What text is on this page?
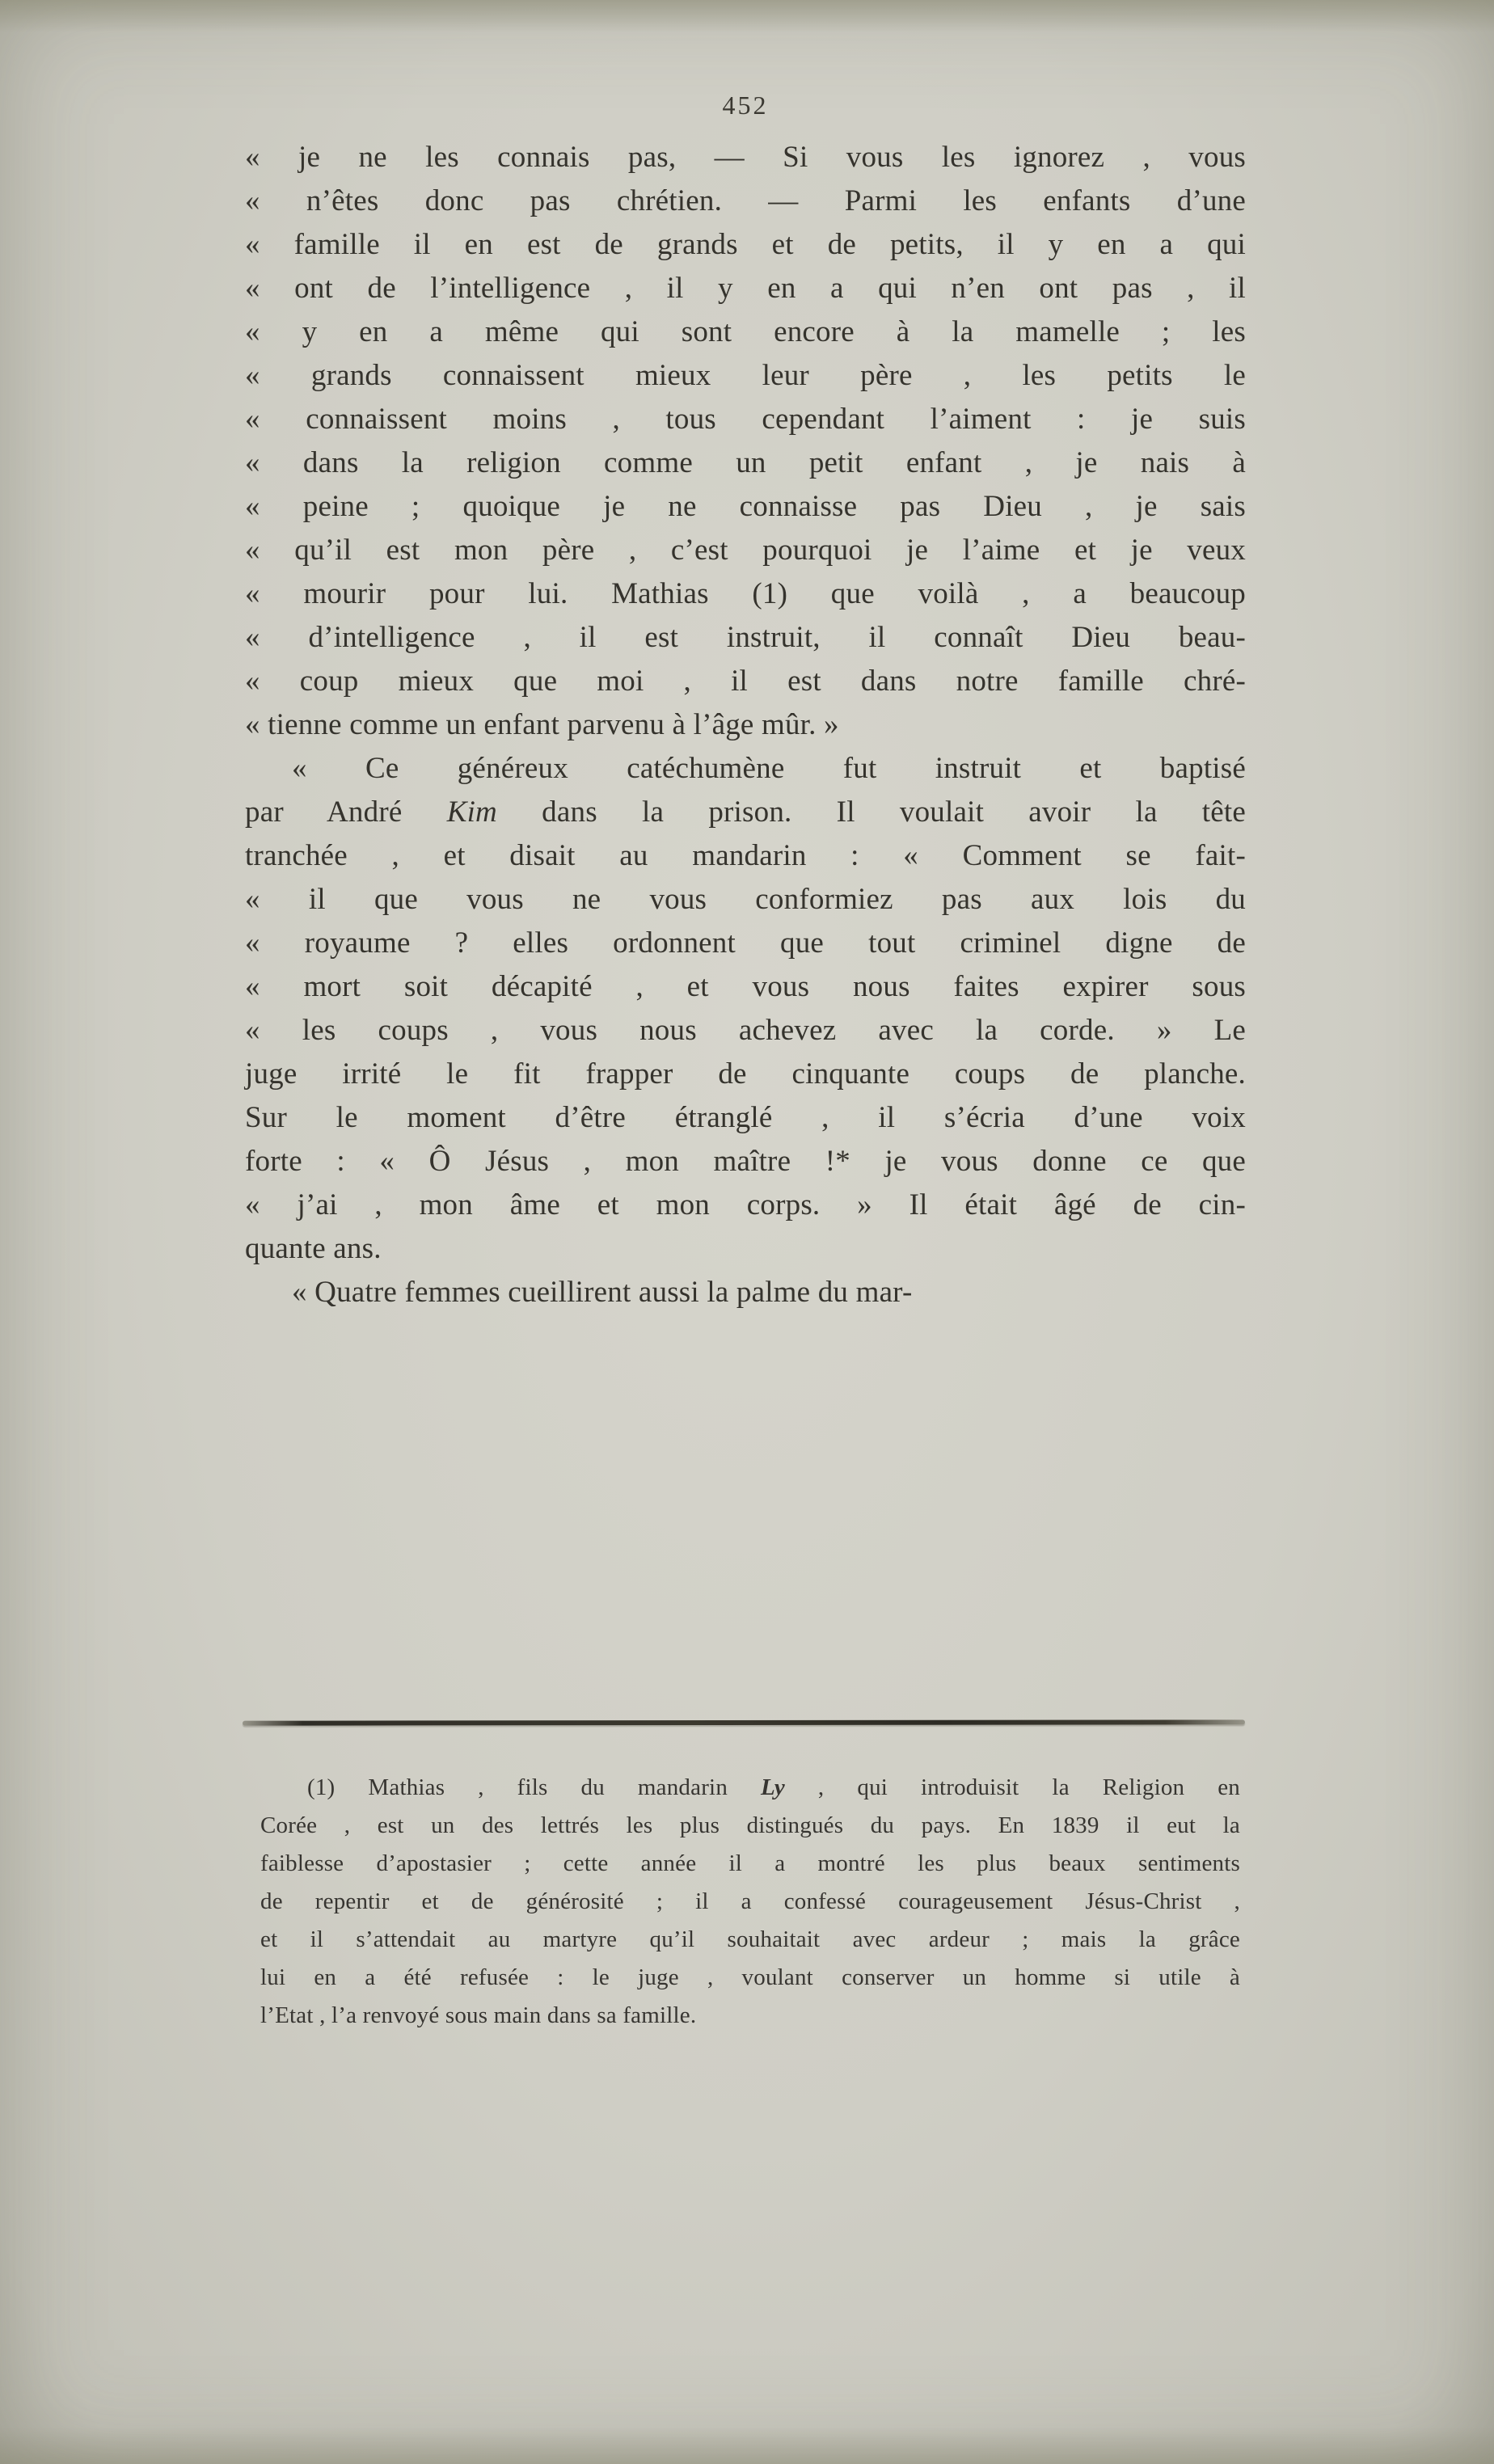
452
« je ne les connais pas, — Si vous les ignorez , vous
« n’êtes donc pas chrétien. — Parmi les enfants d’une
« famille il en est de grands et de petits, il y en a qui
« ont de l’intelligence , il y en a qui n’en ont pas , il
« y en a même qui sont encore à la mamelle ; les
« grands connaissent mieux leur père , les petits le
« connaissent moins , tous cependant l’aiment : je suis
« dans la religion comme un petit enfant , je nais à
« peine ; quoique je ne connaisse pas Dieu , je sais
« qu’il est mon père , c’est pourquoi je l’aime et je veux
« mourir pour lui. Mathias (1) que voilà , a beaucoup
« d’intelligence , il est instruit, il connaît Dieu beau-
« coup mieux que moi , il est dans notre famille chré-
« tienne comme un enfant parvenu à l’âge mûr. »
« Ce généreux catéchumène fut instruit et baptisé
par André Kim dans la prison. Il voulait avoir la tête
tranchée , et disait au mandarin : « Comment se fait-
« il que vous ne vous conformiez pas aux lois du
« royaume ? elles ordonnent que tout criminel digne de
« mort soit décapité , et vous nous faites expirer sous
« les coups , vous nous achevez avec la corde. » Le
juge irrité le fit frapper de cinquante coups de planche.
Sur le moment d’être étranglé , il s’écria d’une voix
forte : « Ô Jésus , mon maître !* je vous donne ce que
« j’ai , mon âme et mon corps. » Il était âgé de cin-
quante ans.
« Quatre femmes cueillirent aussi la palme du mar-
(1) Mathias , fils du mandarin Ly , qui introduisit la Religion en
Corée , est un des lettrés les plus distingués du pays. En 1839 il eut la
faiblesse d’apostasier ; cette année il a montré les plus beaux sentiments
de repentir et de générosité ; il a confessé courageusement Jésus-Christ ,
et il s’attendait au martyre qu’il souhaitait avec ardeur ; mais la grâce
lui en a été refusée : le juge , voulant conserver un homme si utile à
l’Etat , l’a renvoyé sous main dans sa famille.
